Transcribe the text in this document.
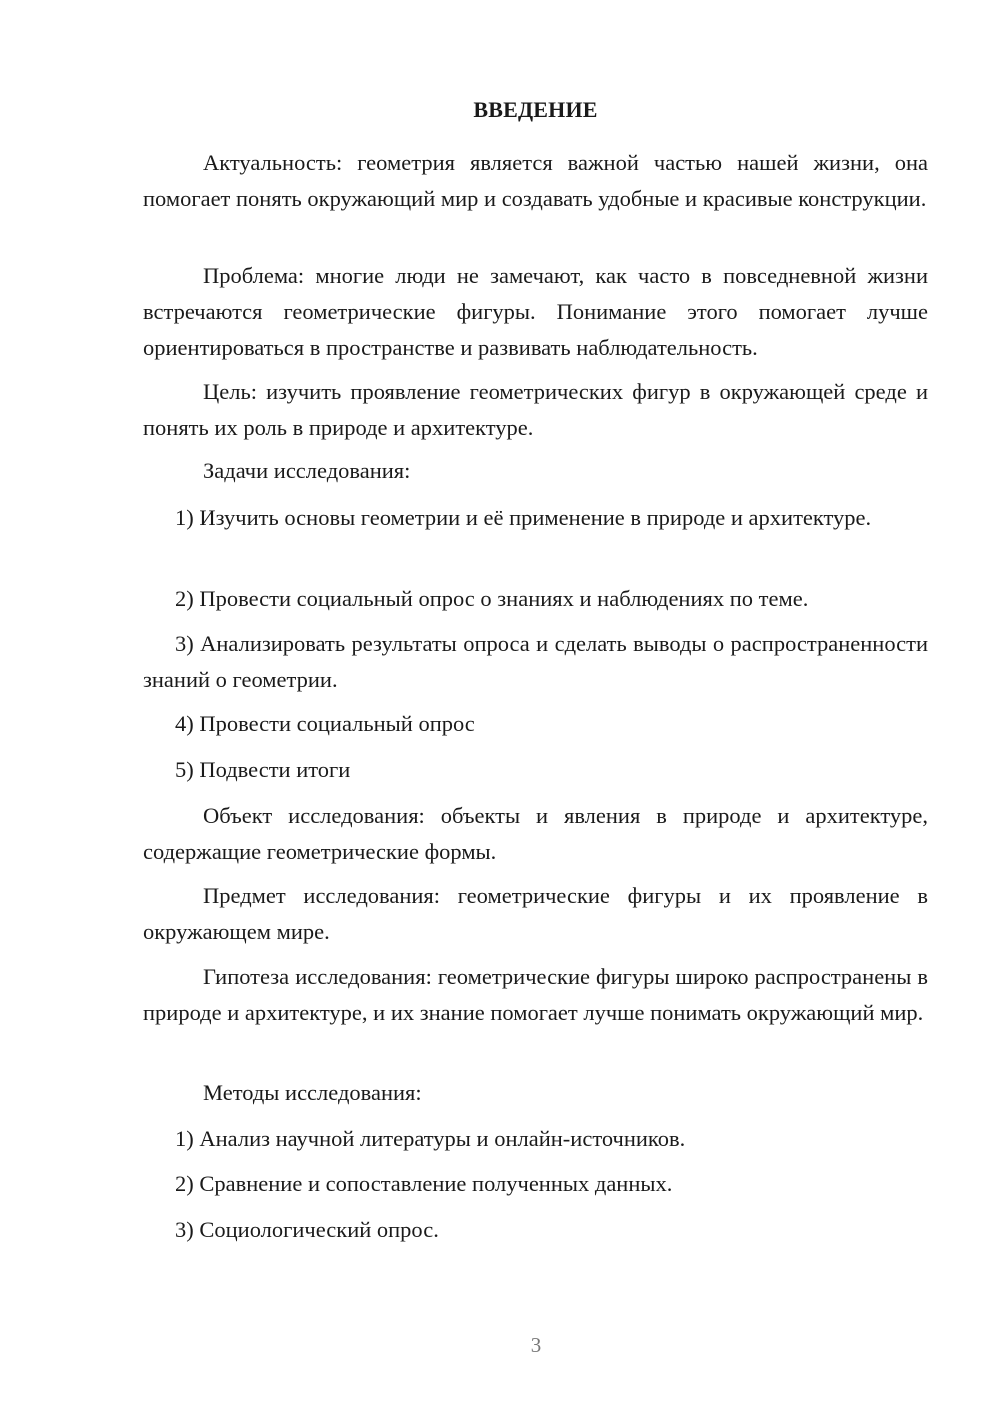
ВВЕДЕНИЕ

Актуальность: геометрия является важной частью нашей жизни, она помогает понять окружающий мир и создавать удобные и красивые конструкции.

Проблема: многие люди не замечают, как часто в повседневной жизни встречаются геометрические фигуры. Понимание этого помогает лучше ориентироваться в пространстве и развивать наблюдательность.

Цель: изучить проявление геометрических фигур в окружающей среде и понять их роль в природе и архитектуре.

Задачи исследования:

1) Изучить основы геометрии и её применение в природе и архитектуре.

2) Провести социальный опрос о знаниях и наблюдениях по теме.

3) Анализировать результаты опроса и сделать выводы о распространенности знаний о геометрии.

4) Провести социальный опрос

5) Подвести итоги

Объект исследования: объекты и явления в природе и архитектуре, содержащие геометрические формы.

Предмет исследования: геометрические фигуры и их проявление в окружающем мире.

Гипотеза исследования: геометрические фигуры широко распространены в природе и архитектуре, и их знание помогает лучше понимать окружающий мир.

Методы исследования:

1) Анализ научной литературы и онлайн-источников.

2) Сравнение и сопоставление полученных данных.

3) Социологический опрос.

3
